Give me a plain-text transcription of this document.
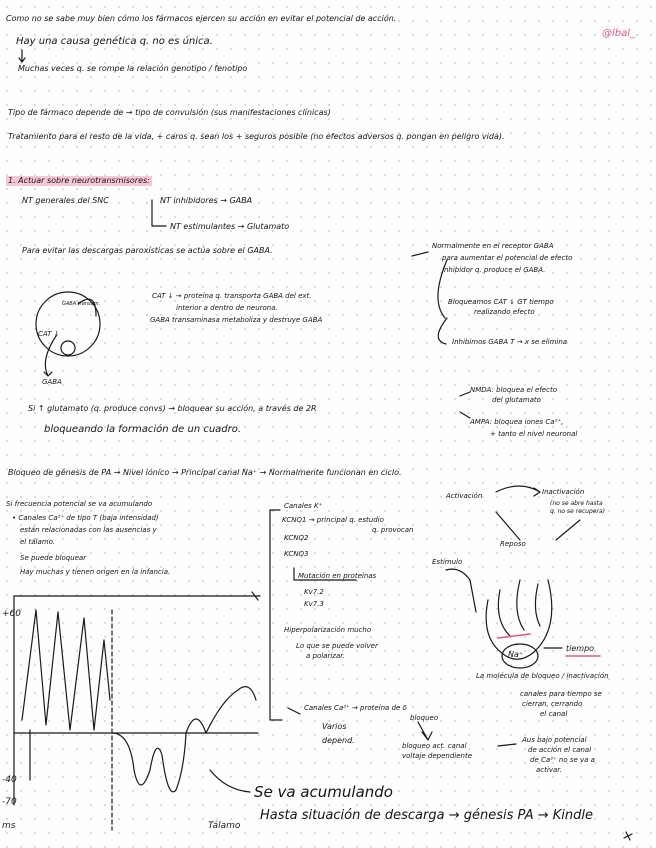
+60
-40
-70
ms	Tálamo
@lbal_
Como no se sabe muy bien cómo los fármacos ejercen su acción en evitar el potencial de acción.
Hay una causa genética q. no es única.
Muchas veces q. se rompe la relación genotipo / fenotipo
Tipo de fármaco depende de → tipo de convulsión (sus manifestaciones clínicas)
Tratamiento para el resto de la vida, + caros q. sean los + seguros posible (no efectos adversos q. pongan en peligro vida).
1. Actuar sobre neurotransmisores:
NT generales del SNC	NT inhibidores → GABA
NT estimulantes → Glutamato
Para evitar las descargas paroxísticas se actúa sobre el GABA.	Normalmente en el receptor GABA
para aumentar el potencial de efecto
inhibidor q. produce el GABA.
CAT ↓ → proteína q. transporta GABA del ext.
interior a dentro de neurona.
GABA transaminasa metaboliza y destruye GABA
Bloqueamos CAT ↓ GT tiempo
realizando efecto
Inhibimos GABA T → x se elimina
GABA transam.
CAT ↓
GABA
Si ↑ glutamato (q. produce convs) → bloquear su acción, a través de 2R
bloqueando la formación de un cuadro.
NMDA: bloquea el efecto
del glutamato
AMPA: bloquea iones Ca²⁺,
+ tanto el nivel neuronal
Bloqueo de génesis de PA → Nivel iónico → Principal canal Na⁺ → Normalmente funcionan en ciclo.
Si frecuencia potencial se va acumulando
• Canales Ca²⁺ de tipo T (baja intensidad)
están relacionadas con las ausencias y
el tálamo.
Se puede bloquear
Hay muchas y tienen origen en la infancia.
Canales K⁺
KCNQ1 → principal q. estudio
q. provocan
KCNQ2
KCNQ3
Mutación en proteínas
Kv7.2
Kv7.3
Hiperpolarización mucho
Lo que se puede volver
a polarizar.
Activación	Inactivación
(no se abre hasta
q. no se recupera)
Reposo
Estímulo
Na⁺
tiempo
La molécula de bloqueo / inactivación
canales para tiempo se
cierran, cerrando
el canal
Canales Ca²⁺ → proteína de δ
Varios
depend.
bloqueo
bloqueo act. canal
voltaje dependiente
Aus bajo potencial
de acción el canal
de Ca²⁺ no se va a
activar.
Se va acumulando
Hasta situación de descarga → génesis PA → Kindle
